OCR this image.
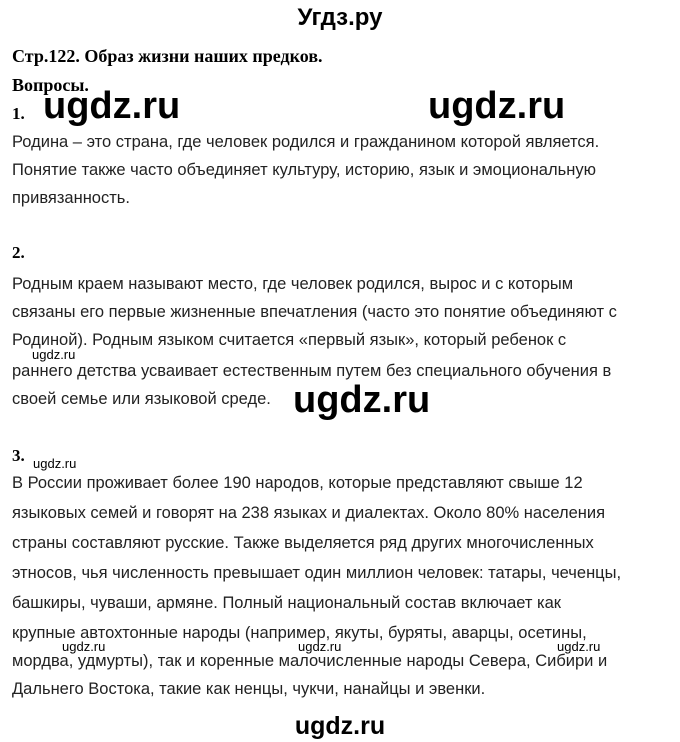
Угдз.ру
Стр.122. Образ жизни наших предков.
Вопросы.
1.
Родина – это страна, где человек родился и гражданином которой является.
Понятие также часто объединяет культуру, историю, язык и эмоциональную
привязанность.
2.
Родным краем называют место, где человек родился, вырос и с которым
связаны его первые жизненные впечатления (часто это понятие объединяют с
Родиной). Родным языком считается «первый язык», который ребенок с
раннего детства усваивает естественным путем без специального обучения в
своей семье или языковой среде.
3.
В России проживает более 190 народов, которые представляют свыше 12
языковых семей и говорят на 238 языках и диалектах. Около 80% населения
страны составляют русские. Также выделяется ряд других многочисленных
этносов, чья численность превышает один миллион человек: татары, чеченцы,
башкиры, чуваши, армяне. Полный национальный состав включает как
крупные автохтонные народы (например, якуты, буряты, аварцы, осетины,
мордва, удмурты), так и коренные малочисленные народы Севера, Сибири и
Дальнего Востока, такие как ненцы, чукчи, нанайцы и эвенки.
ugdz.ru	ugdz.ru
ugdz.ru
ugdz.ru
ugdz.ru
ugdz.ru	ugdz.ru	ugdz.ru
ugdz.ru
